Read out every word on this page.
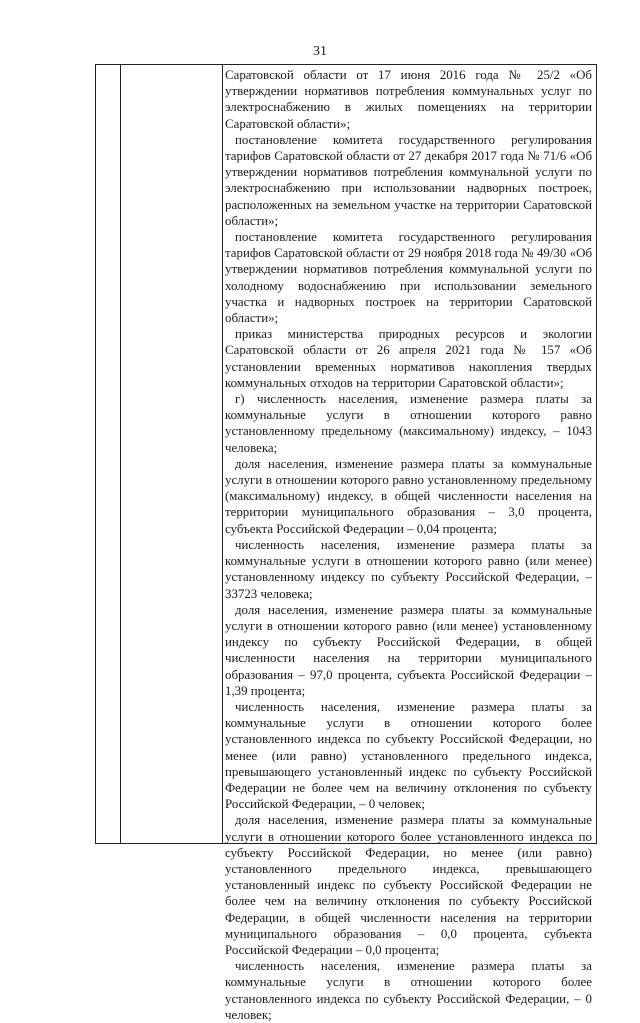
31

Саратовской области от 17 июня 2016 года № 25/2 «Об утверждении нормативов потребления коммунальных услуг по электроснабжению в жилых помещениях на территории Саратовской области»;

постановление комитета государственного регулирования тарифов Саратовской области от 27 декабря 2017 года № 71/6 «Об утверждении нормативов потребления коммунальной услуги по электроснабжению при использовании надворных построек, расположенных на земельном участке на территории Саратовской области»;

постановление комитета государственного регулирования тарифов Саратовской области от 29 ноября 2018 года № 49/30 «Об утверждении нормативов потребления коммунальной услуги по холодному водоснабжению при использовании земельного участка и надворных построек на территории Саратовской области»;

приказ министерства природных ресурсов и экологии Саратовской области от 26 апреля 2021 года № 157 «Об установлении временных нормативов накопления твердых коммунальных отходов на территории Саратовской области»;

г) численность населения, изменение размера платы за коммунальные услуги в отношении которого равно установленному предельному (максимальному) индексу, – 1043 человека;

доля населения, изменение размера платы за коммунальные услуги в отношении которого равно установленному предельному (максимальному) индексу, в общей численности населения на территории муниципального образования – 3,0 процента, субъекта Российской Федерации – 0,04 процента;

численность населения, изменение размера платы за коммунальные услуги в отношении которого равно (или менее) установленному индексу по субъекту Российской Федерации, – 33723 человека;

доля населения, изменение размера платы за коммунальные услуги в отношении которого равно (или менее) установленному индексу по субъекту Российской Федерации, в общей численности населения на территории муниципального образования – 97,0 процента, субъекта Российской Федерации – 1,39 процента;

численность населения, изменение размера платы за коммунальные услуги в отношении которого более установленного индекса по субъекту Российской Федерации, но менее (или равно) установленного предельного индекса, превышающего установленный индекс по субъекту Российской Федерации не более чем на величину отклонения по субъекту Российской Федерации, – 0 человек;

доля населения, изменение размера платы за коммунальные услуги в отношении которого более установленного индекса по субъекту Российской Федерации, но менее (или равно) установленного предельного индекса, превышающего установленный индекс по субъекту Российской Федерации не более чем на величину отклонения по субъекту Российской Федерации, в общей численности населения на территории муниципального образования – 0,0 процента, субъекта Российской Федерации – 0,0 процента;

численность населения, изменение размера платы за коммунальные услуги в отношении которого более установленного индекса по субъекту Российской Федерации, – 0 человек;
